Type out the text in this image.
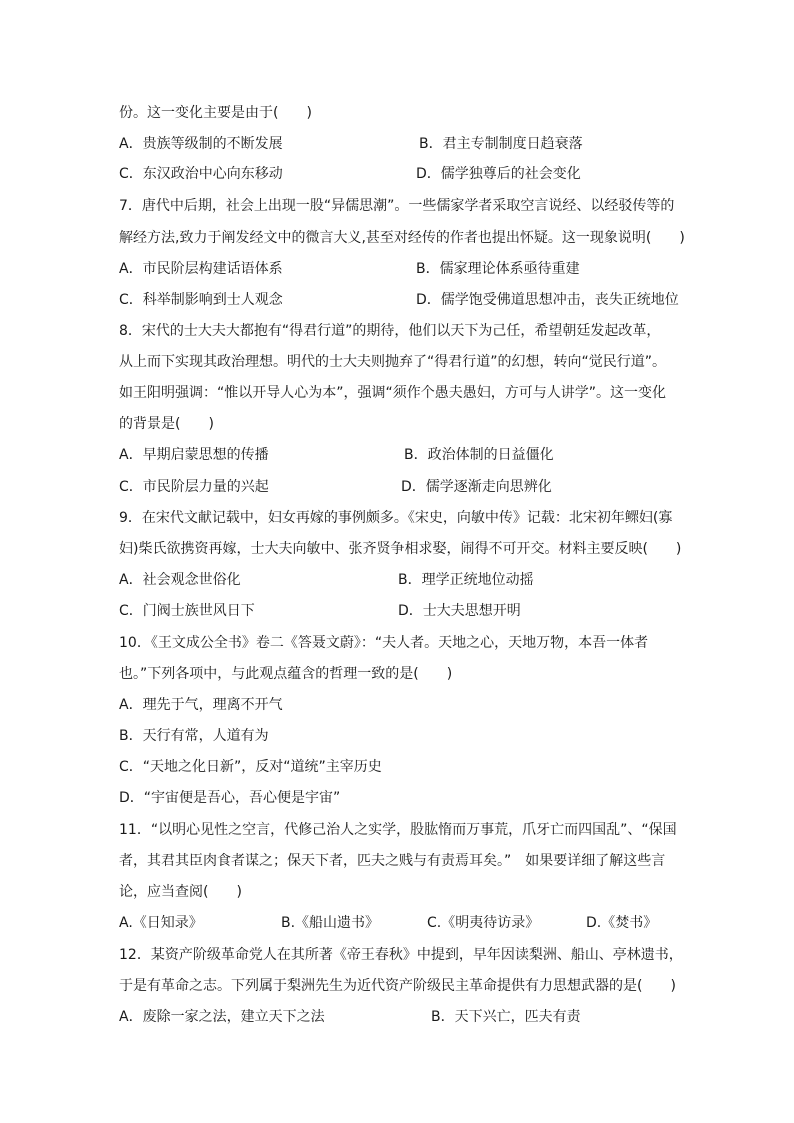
份。这一变化主要是由于(　　)
A．贵族等级制的不断发展	B．君主专制制度日趋衰落
C．东汉政治中心向东移动	D．儒学独尊后的社会变化
7．唐代中后期，社会上出现一股“异儒思潮”。一些儒家学者采取空言说经、以经驳传等的
解经方法,致力于阐发经文中的微言大义,甚至对经传的作者也提出怀疑。这一现象说明(　　)
A．市民阶层构建话语体系	B．儒家理论体系亟待重建
C．科举制影响到士人观念	D．儒学饱受佛道思想冲击，丧失正统地位
8．宋代的士大夫大都抱有“得君行道”的期待，他们以天下为己任，希望朝廷发起改革，
从上而下实现其政治理想。明代的士大夫则抛弃了“得君行道”的幻想，转向“觉民行道”。
如王阳明强调：“惟以开导人心为本”，强调“须作个愚夫愚妇，方可与人讲学”。这一变化
的背景是(　　)
A．早期启蒙思想的传播	B．政治体制的日益僵化
C．市民阶层力量的兴起	D．儒学逐渐走向思辨化
9．在宋代文献记载中，妇女再嫁的事例颇多。《宋史，向敏中传》记载：北宋初年鳏妇(寡
妇)柴氏欲携资再嫁，士大夫向敏中、张齐贤争相求娶，闹得不可开交。材料主要反映(　　)
A．社会观念世俗化	B．理学正统地位动摇
C．门阀士族世风日下	D．士大夫思想开明
10．《王文成公全书》卷二《答聂文蔚》：“夫人者。天地之心，天地万物，本吾一体者
也。”下列各项中，与此观点蕴含的哲理一致的是(　　)
A．理先于气，理离不开气
B．天行有常，人道有为
C．“天地之化日新”，反对“道统”主宰历史
D．“宇宙便是吾心，吾心便是宇宙”
11．“以明心见性之空言，代修己治人之实学，股肱惰而万事荒，爪牙亡而四国乱”、“保国
者，其君其臣肉食者谋之；保天下者，匹夫之贱与有责焉耳矣。”　如果要详细了解这些言
论，应当查阅(　　)
A.《日知录》	B.《船山遗书》	C.《明夷待访录》	D.《焚书》
12．某资产阶级革命党人在其所著《帝王春秋》中提到，早年因读梨洲、船山、亭林遗书，
于是有革命之志。下列属于梨洲先生为近代资产阶级民主革命提供有力思想武器的是(　　)
A．废除一家之法，建立天下之法	B．天下兴亡，匹夫有责
